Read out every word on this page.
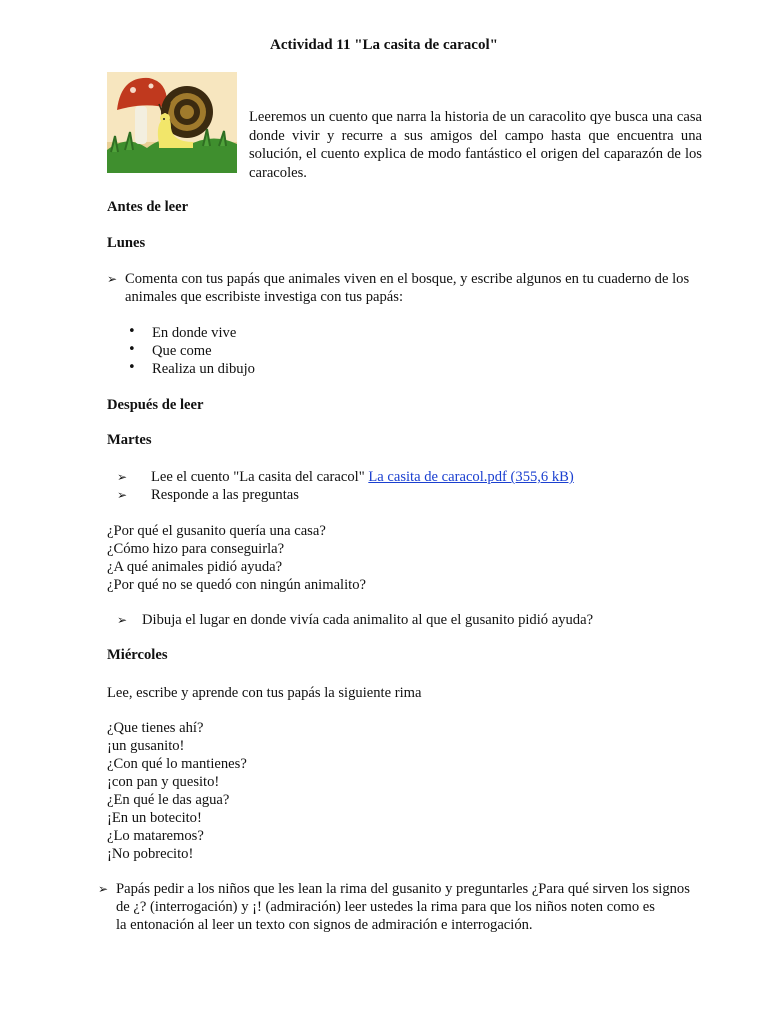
Actividad 11 "La casita de caracol"
Leeremos un cuento que narra la historia de un caracolito qye busca una casa donde vivir y recurre a sus amigos del campo hasta que encuentra una solución, el cuento explica de modo fantástico el origen del caparazón de los caracoles.
Antes de leer
Lunes
➢ Comenta con tus papás que animales viven en el bosque, y escribe algunos en tu cuaderno de los
animales que escribiste investiga con tus papás:
• En donde vive
• Que come
• Realiza un dibujo
Después de leer
Martes
➢ Lee el cuento "La casita del caracol" La casita de caracol.pdf (355,6 kB)
➢ Responde a las preguntas
¿Por qué el gusanito quería una casa?
¿Cómo hizo para conseguirla?
¿A qué animales pidió ayuda?
¿Por qué no se quedó con ningún animalito?
➢ Dibuja el lugar en donde vivía cada animalito al que el gusanito pidió ayuda?
Miércoles
Lee, escribe y aprende con tus papás la siguiente rima
¿Que tienes ahí?
¡un gusanito!
¿Con qué lo mantienes?
¡con pan y quesito!
¿En qué le das agua?
¡En un botecito!
¿Lo mataremos?
¡No pobrecito!
➢ Papás pedir a los niños que les lean la rima del gusanito y preguntarles ¿Para qué sirven los signos
de ¿? (interrogación) y ¡! (admiración) leer ustedes la rima para que los niños noten como es
la entonación al leer un texto con signos de admiración e interrogación.
